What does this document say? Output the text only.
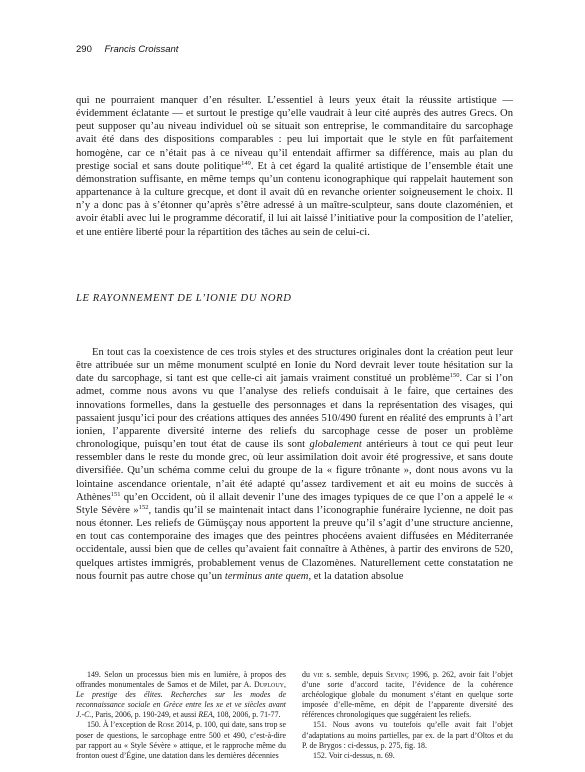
290 Francis Croissant

qui ne pourraient manquer d’en résulter. L’essentiel à leurs yeux était la réussite artistique — évidemment éclatante — et surtout le prestige qu’elle vaudrait à leur cité auprès des autres Grecs. On peut supposer qu’au niveau individuel où se situait son entreprise, le commanditaire du sarcophage avait été dans des dispositions comparables : peu lui importait que le style en fût parfaitement homogène, car ce n’était pas à ce niveau qu’il entendait affirmer sa différence, mais au plan du prestige social et sans doute politique$^{149}$. Et à cet égard la qualité artistique de l’ensemble était une démonstration suffisante, en même temps qu’un contenu iconographique qui rappelait hautement son appartenance à la culture grecque, et dont il avait dû en revanche orienter soigneusement le choix. Il n’y a donc pas à s’étonner qu’après s’être adressé à un maître-sculpteur, sans doute clazoménien, et avoir établi avec lui le programme décoratif, il lui ait laissé l’initiative pour la composition de l’atelier, et une entière liberté pour la répartition des tâches au sein de celui-ci.

LE RAYONNEMENT DE L’IONIE DU NORD

En tout cas la coexistence de ces trois styles et des structures originales dont la création peut leur être attribuée sur un même monument sculpté en Ionie du Nord devrait lever toute hésitation sur la date du sarcophage, si tant est que celle-ci ait jamais vraiment constitué un problème$^{150}$. Car si l’on admet, comme nous avons vu que l’analyse des reliefs conduisait à le faire, que certaines des innovations formelles, dans la gestuelle des personnages et dans la représentation des visages, qui passaient jusqu’ici pour des créations attiques des années 510/490 furent en réalité des emprunts à l’art ionien, l’apparente diversité interne des reliefs du sarcophage cesse de poser un problème chronologique, puisqu’en tout état de cause ils sont globalement antérieurs à tout ce qui peut leur ressembler dans le reste du monde grec, où leur assimilation doit avoir été progressive, et sans doute diversifiée. Qu’un schéma comme celui du groupe de la « figure trônante », dont nous avons vu la lointaine ascendance orientale, n’ait été adapté qu’assez tardivement et ait eu moins de succès à Athènes$^{151}$ qu’en Occident, où il allait devenir l’une des images typiques de ce que l’on a appelé le « Style Sévère »$^{152}$, tandis qu’il se maintenait intact dans l’iconographie funéraire lycienne, ne doit pas nous étonner. Les reliefs de Gümüşçay nous apportent la preuve qu’il s’agit d’une structure ancienne, en tout cas contemporaine des images que des peintres phocéens avaient diffusées en Méditerranée occidentale, aussi bien que de celles qu’avaient fait connaître à Athènes, à partir des environs de 520, quelques artistes immigrés, probablement venus de Clazomènes. Naturellement cette constatation ne nous fournit pas autre chose qu’un terminus ante quem, et la datation absolue

149. Selon un processus bien mis en lumière, à propos des offrandes monumentales de Samos et de Milet, par A. Duplouy, Le prestige des élites. Recherches sur les modes de reconnaissance sociale en Grèce entre les xe et ve siècles avant J.-C., Paris, 2006, p. 190-249, et aussi REA, 108, 2006, p. 71-77.

150. À l’exception de Rose 2014, p. 100, qui date, sans trop se poser de questions, le sarcophage entre 500 et 490, c’est-à-dire par rapport au « Style Sévère » attique, et le rapproche même du fronton ouest d’Égine, une datation dans les dernières décennies

du vie s. semble, depuis Sevinç 1996, p. 262, avoir fait l’objet d’une sorte d’accord tacite, l’évidence de la cohérence archéologique globale du monument s’étant en quelque sorte imposée d’elle-même, en dépit de l’apparente diversité des références chronologiques que suggéraient les reliefs.

151. Nous avons vu toutefois qu’elle avait fait l’objet d’adaptations au moins partielles, par ex. de la part d’Oltos et du P. de Brygos : ci-dessus, p. 275, fig. 18.

152. Voir ci-dessus, n. 69.
